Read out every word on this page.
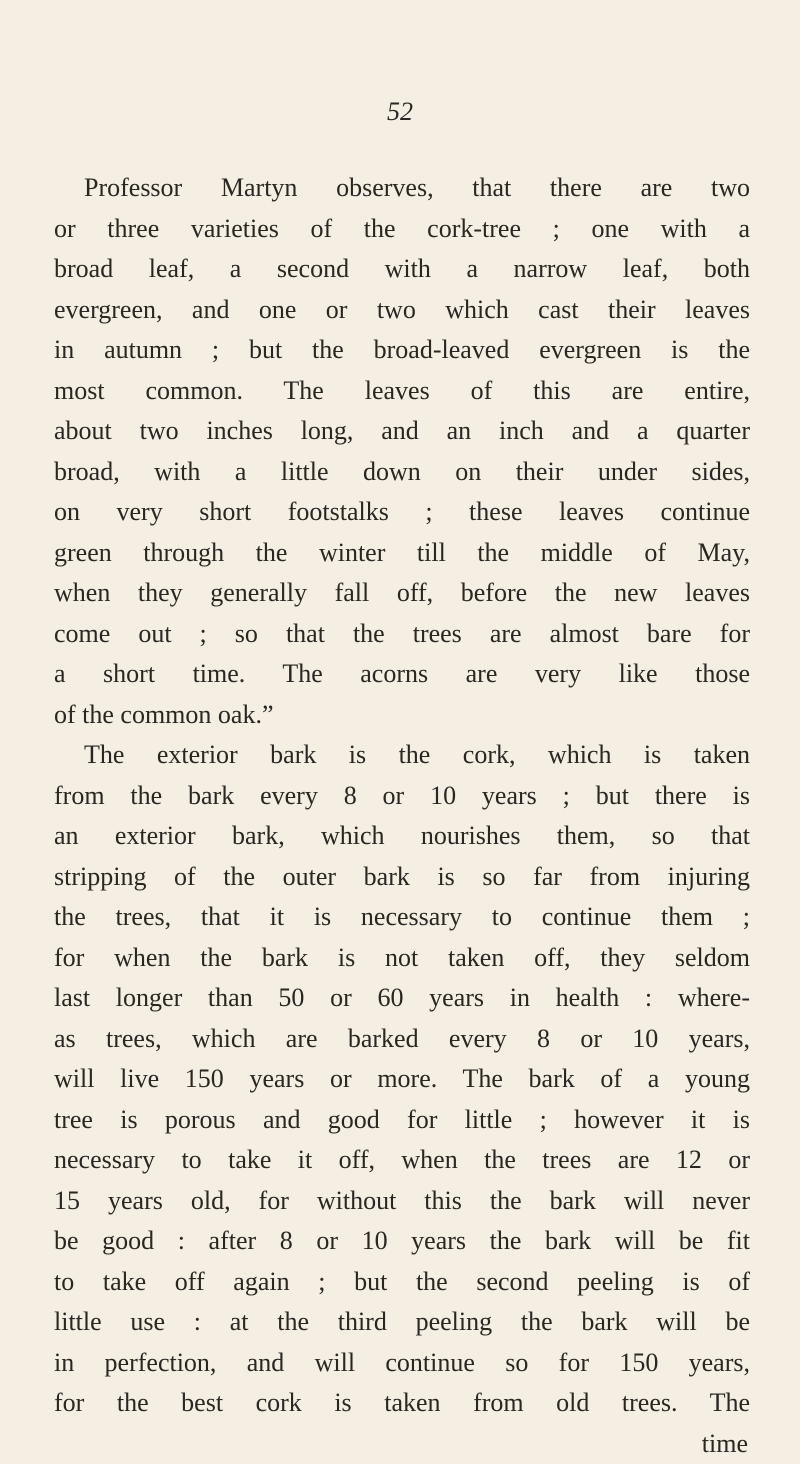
52
Professor Martyn observes, that there are two
or three varieties of the cork-tree ; one with a
broad leaf, a second with a narrow leaf, both
evergreen, and one or two which cast their leaves
in autumn ; but the broad-leaved evergreen is the
most common. The leaves of this are entire,
about two inches long, and an inch and a quarter
broad, with a little down on their under sides,
on very short footstalks ; these leaves continue
green through the winter till the middle of May,
when they generally fall off, before the new leaves
come out ; so that the trees are almost bare for
a short time. The acorns are very like those
of the common oak.”
The exterior bark is the cork, which is taken
from the bark every 8 or 10 years ; but there is
an exterior bark, which nourishes them, so that
stripping of the outer bark is so far from injuring
the trees, that it is necessary to continue them ;
for when the bark is not taken off, they seldom
last longer than 50 or 60 years in health : where-
as trees, which are barked every 8 or 10 years,
will live 150 years or more. The bark of a young
tree is porous and good for little ; however it is
necessary to take it off, when the trees are 12 or
15 years old, for without this the bark will never
be good : after 8 or 10 years the bark will be fit
to take off again ; but the second peeling is of
little use : at the third peeling the bark will be
in perfection, and will continue so for 150 years,
for the best cork is taken from old trees. The
time
